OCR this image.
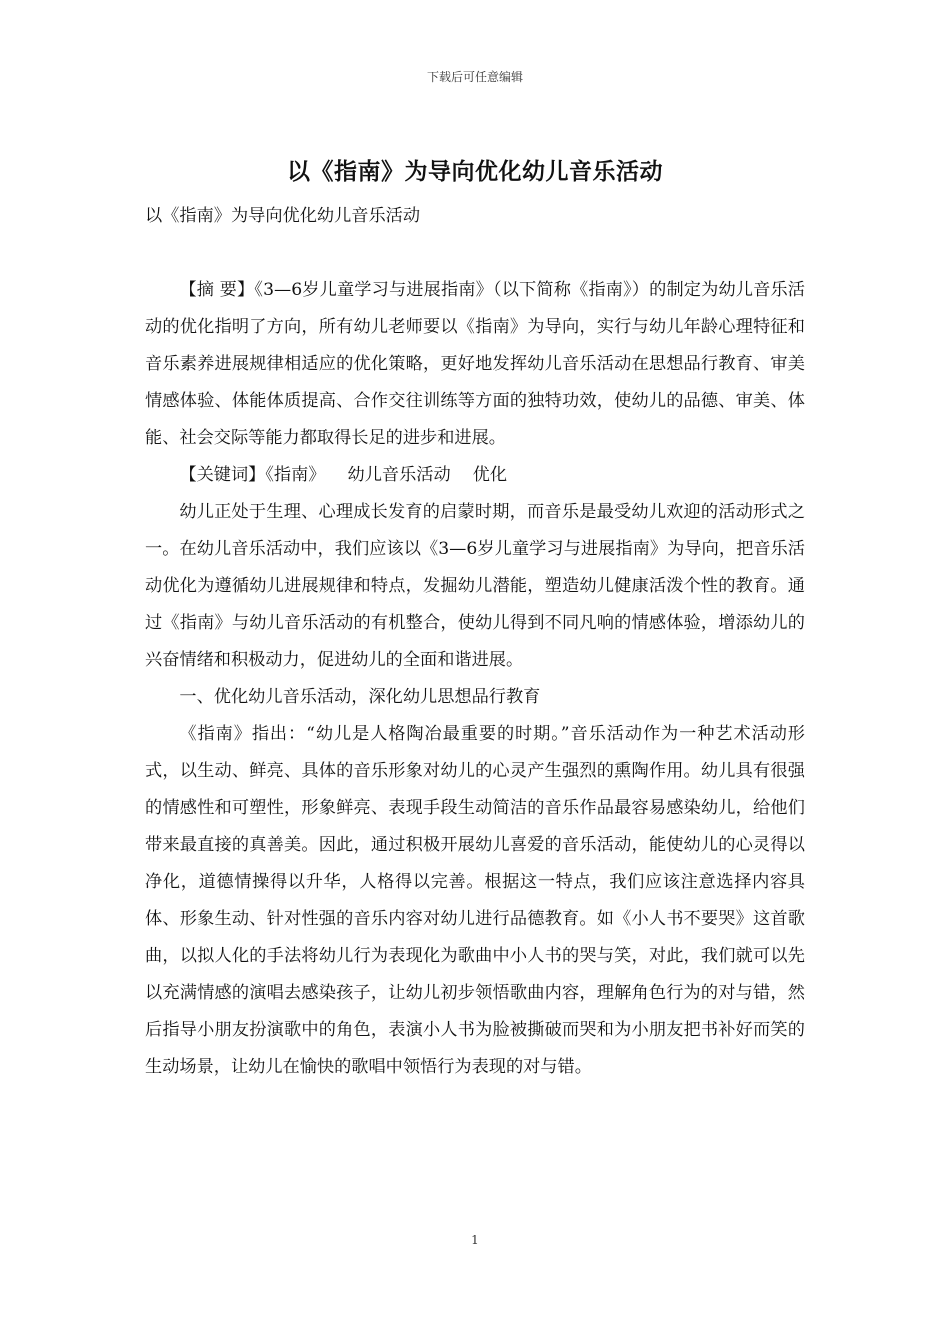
下载后可任意编辑
以《指南》为导向优化幼儿音乐活动

以《指南》为导向优化幼儿音乐活动

【摘 要】《3—6岁儿童学习与进展指南》（以下简称《指南》）的制定为幼儿音乐活动的优化指明了方向，所有幼儿老师要以《指南》为导向，实行与幼儿年龄心理特征和音乐素养进展规律相适应的优化策略，更好地发挥幼儿音乐活动在思想品行教育、审美情感体验、体能体质提高、合作交往训练等方面的独特功效，使幼儿的品德、审美、体能、社会交际等能力都取得长足的进步和进展。

【关键词】《指南》 幼儿音乐活动 优化

幼儿正处于生理、心理成长发育的启蒙时期，而音乐是最受幼儿欢迎的活动形式之一。在幼儿音乐活动中，我们应该以《3—6岁儿童学习与进展指南》为导向，把音乐活动优化为遵循幼儿进展规律和特点，发掘幼儿潜能，塑造幼儿健康活泼个性的教育。通过《指南》与幼儿音乐活动的有机整合，使幼儿得到不同凡响的情感体验，增添幼儿的兴奋情绪和积极动力，促进幼儿的全面和谐进展。

一、优化幼儿音乐活动，深化幼儿思想品行教育

《指南》指出：“幼儿是人格陶冶最重要的时期。”音乐活动作为一种艺术活动形式，以生动、鲜亮、具体的音乐形象对幼儿的心灵产生强烈的熏陶作用。幼儿具有很强的情感性和可塑性，形象鲜亮、表现手段生动简洁的音乐作品最容易感染幼儿，给他们带来最直接的真善美。因此，通过积极开展幼儿喜爱的音乐活动，能使幼儿的心灵得以净化，道德情操得以升华，人格得以完善。根据这一特点，我们应该注意选择内容具体、形象生动、针对性强的音乐内容对幼儿进行品德教育。如《小人书不要哭》这首歌曲，以拟人化的手法将幼儿行为表现化为歌曲中小人书的哭与笑，对此，我们就可以先以充满情感的演唱去感染孩子，让幼儿初步领悟歌曲内容，理解角色行为的对与错，然后指导小朋友扮演歌中的角色，表演小人书为脸被撕破而哭和为小朋友把书补好而笑的生动场景，让幼儿在愉快的歌唱中领悟行为表现的对与错。

1
